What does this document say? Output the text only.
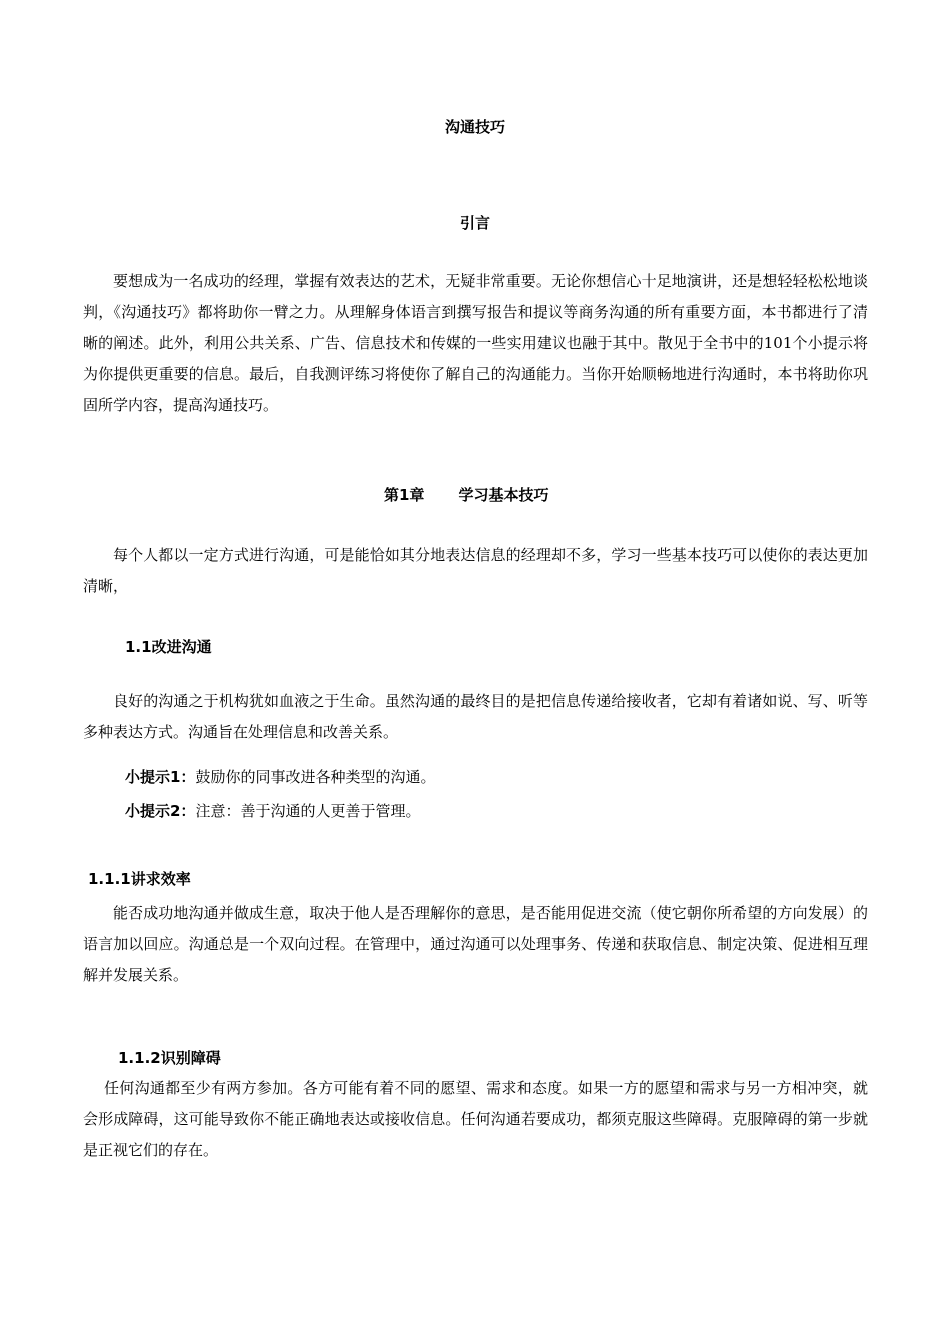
沟通技巧
引言

要想成为一名成功的经理，掌握有效表达的艺术，无疑非常重要。无论你想信心十足地演讲，还是想轻轻松松地谈判，《沟通技巧》都将助你一臂之力。从理解身体语言到撰写报告和提议等商务沟通的所有重要方面，本书都进行了清晰的阐述。此外，利用公共关系、广告、信息技术和传媒的一些实用建议也融于其中。散见于全书中的101个小提示将为你提供更重要的信息。最后，自我测评练习将使你了解自己的沟通能力。当你开始顺畅地进行沟通时，本书将助你巩固所学内容，提高沟通技巧。

第1章 学习基本技巧

每个人都以一定方式进行沟通，可是能恰如其分地表达信息的经理却不多，学习一些基本技巧可以使你的表达更加清晰，

1.1改进沟通

良好的沟通之于机构犹如血液之于生命。虽然沟通的最终目的是把信息传递给接收者，它却有着诸如说、写、听等多种表达方式。沟通旨在处理信息和改善关系。

小提示1：鼓励你的同事改进各种类型的沟通。
小提示2：注意：善于沟通的人更善于管理。
1.1.1讲求效率

能否成功地沟通并做成生意，取决于他人是否理解你的意思，是否能用促进交流（使它朝你所希望的方向发展）的语言加以回应。沟通总是一个双向过程。在管理中，通过沟通可以处理事务、传递和获取信息、制定决策、促进相互理解并发展关系。

1.1.2识别障碍

任何沟通都至少有两方参加。各方可能有着不同的愿望、需求和态度。如果一方的愿望和需求与另一方相冲突，就会形成障碍，这可能导致你不能正确地表达或接收信息。任何沟通若要成功，都须克服这些障碍。克服障碍的第一步就是正视它们的存在。
